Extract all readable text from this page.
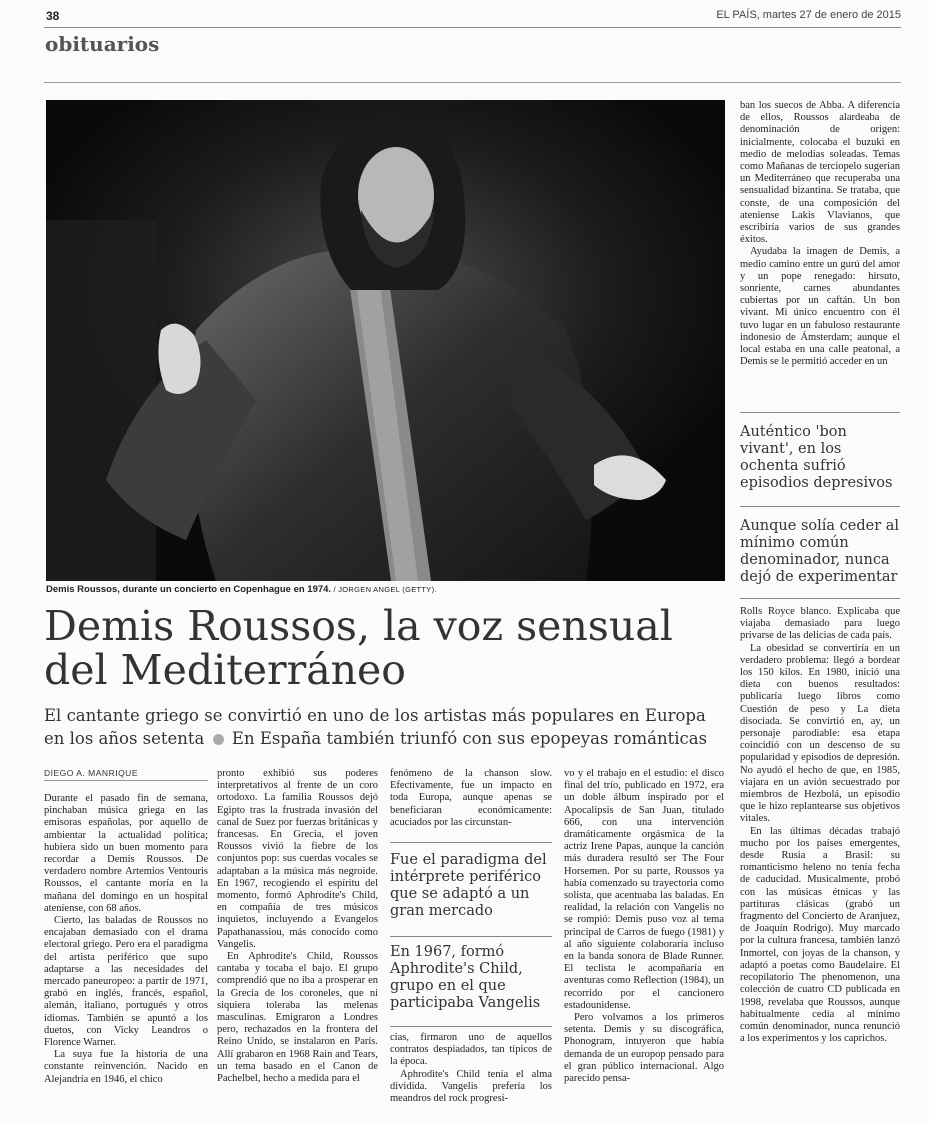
38	EL PAÍS, martes 27 de enero de 2015
obituarios
Demis Roussos, durante un concierto en Copenhague en 1974. / JORGEN ANGEL (GETTY).
Demis Roussos, la voz sensual
del Mediterráneo
El cantante griego se convirtió en uno de los artistas más populares en Europa
en los años setenta En España también triunfó con sus epopeyas románticas
DIEGO A. MANRIQUE

Durante el pasado fin de semana, pinchaban música griega en las emisoras españolas, por aquello de ambientar la actualidad política; hubiera sido un buen momento para recordar a Demis Roussos. De verdadero nombre Artemios Ventouris Roussos, el cantante moría en la mañana del domingo en un hospital ateniense, con 68 años.

Cierto, las baladas de Roussos no encajaban demasiado con el drama electoral griego. Pero era el paradigma del artista periférico que supo adaptarse a las necesidades del mercado paneuropeo: a partir de 1971, grabó en inglés, francés, español, alemán, italiano, portugués y otros idiomas. También se apuntó a los duetos, con Vicky Leandros o Florence Warner.

La suya fue la historia de una constante reinvención. Nacido en Alejandría en 1946, el chico

pronto exhibió sus poderes interpretativos al frente de un coro ortodoxo. La familia Roussos dejó Egipto tras la frustrada invasión del canal de Suez por fuerzas británicas y francesas. En Grecia, el joven Roussos vivió la fiebre de los conjuntos pop: sus cuerdas vocales se adaptaban a la música más negroide. En 1967, recogiendo el espíritu del momento, formó Aphrodite's Child, en compañía de tres músicos inquietos, incluyendo a Evangelos Papathanassiou, más conocido como Vangelis.

En Aphrodite's Child, Roussos cantaba y tocaba el bajo. El grupo comprendió que no iba a prosperar en la Grecia de los coroneles, que ni siquiera toleraba las melenas masculinas. Emigraron a Londres pero, rechazados en la frontera del Reino Unido, se instalaron en París. Allí grabaron en 1968 Rain and Tears, un tema basado en el Canon de Pachelbel, hecho a medida para el

fenómeno de la chanson slow. Efectivamente, fue un impacto en toda Europa, aunque apenas se beneficiaran económicamente: acuciados por las circunstan-

Fue el paradigma del intérprete periférico que se adaptó a un gran mercado
En 1967, formó Aphrodite's Child, grupo en el que participaba Vangelis

cias, firmaron uno de aquellos contratos despiadados, tan típicos de la época.

Aphrodite's Child tenía el alma dividida. Vangelis prefería los meandros del rock progresi-

vo y el trabajo en el estudio: el disco final del trío, publicado en 1972, era un doble álbum inspirado por el Apocalipsis de San Juan, titulado 666, con una intervención dramáticamente orgásmica de la actriz Irene Papas, aunque la canción más duradera resultó ser The Four Horsemen. Por su parte, Roussos ya había comenzado su trayectoria como solista, que acentuaba las baladas. En realidad, la relación con Vangelis no se rompió: Demis puso voz al tema principal de Carros de fuego (1981) y al año siguiente colaboraría incluso en la banda sonora de Blade Runner. El teclista le acompañaría en aventuras como Reflection (1984), un recorrido por el cancionero estadounidense.

Pero volvamos a los primeros setenta. Demis y su discográfica, Phonogram, intuyeron que había demanda de un europop pensado para el gran público internacional. Algo parecido pensa-

ban los suecos de Abba. A diferencia de ellos, Roussos alardeaba de denominación de origen: inicialmente, colocaba el buzuki en medio de melodías soleadas. Temas como Mañanas de terciopelo sugerían un Mediterráneo que recuperaba una sensualidad bizantina. Se trataba, que conste, de una composición del ateniense Lakis Vlavianos, que escribiría varios de sus grandes éxitos.

Ayudaba la imagen de Demis, a medio camino entre un gurú del amor y un pope renegado: hirsuto, sonriente, carnes abundantes cubiertas por un caftán. Un bon vivant. Mi único encuentro con él tuvo lugar en un fabuloso restaurante indonesio de Ámsterdam; aunque el local estaba en una calle peatonal, a Demis se le permitió acceder en un

Auténtico 'bon vivant', en los ochenta sufrió episodios depresivos
Aunque solía ceder al mínimo común denominador, nunca dejó de experimentar

Rolls Royce blanco. Explicaba que viajaba demasiado para luego privarse de las delicias de cada país.

La obesidad se convertiría en un verdadero problema: llegó a bordear los 150 kilos. En 1980, inició una dieta con buenos resultados: publicaría luego libros como Cuestión de peso y La dieta disociada. Se convirtió en, ay, un personaje parodiable: esa etapa coincidió con un descenso de su popularidad y episodios de depresión. No ayudó el hecho de que, en 1985, viajara en un avión secuestrado por miembros de Hezbolá, un episodio que le hizo replantearse sus objetivos vitales.

En las últimas décadas trabajó mucho por los países emergentes, desde Rusia a Brasil: su romanticismo heleno no tenía fecha de caducidad. Musicalmente, probó con las músicas étnicas y las partituras clásicas (grabó un fragmento del Concierto de Aranjuez, de Joaquín Rodrigo). Muy marcado por la cultura francesa, también lanzó Inmortel, con joyas de la chanson, y adaptó a poetas como Baudelaire. El recopilatorio The phenomenon, una colección de cuatro CD publicada en 1998, revelaba que Roussos, aunque habitualmente cedía al mínimo común denominador, nunca renunció a los experimentos y los caprichos.
